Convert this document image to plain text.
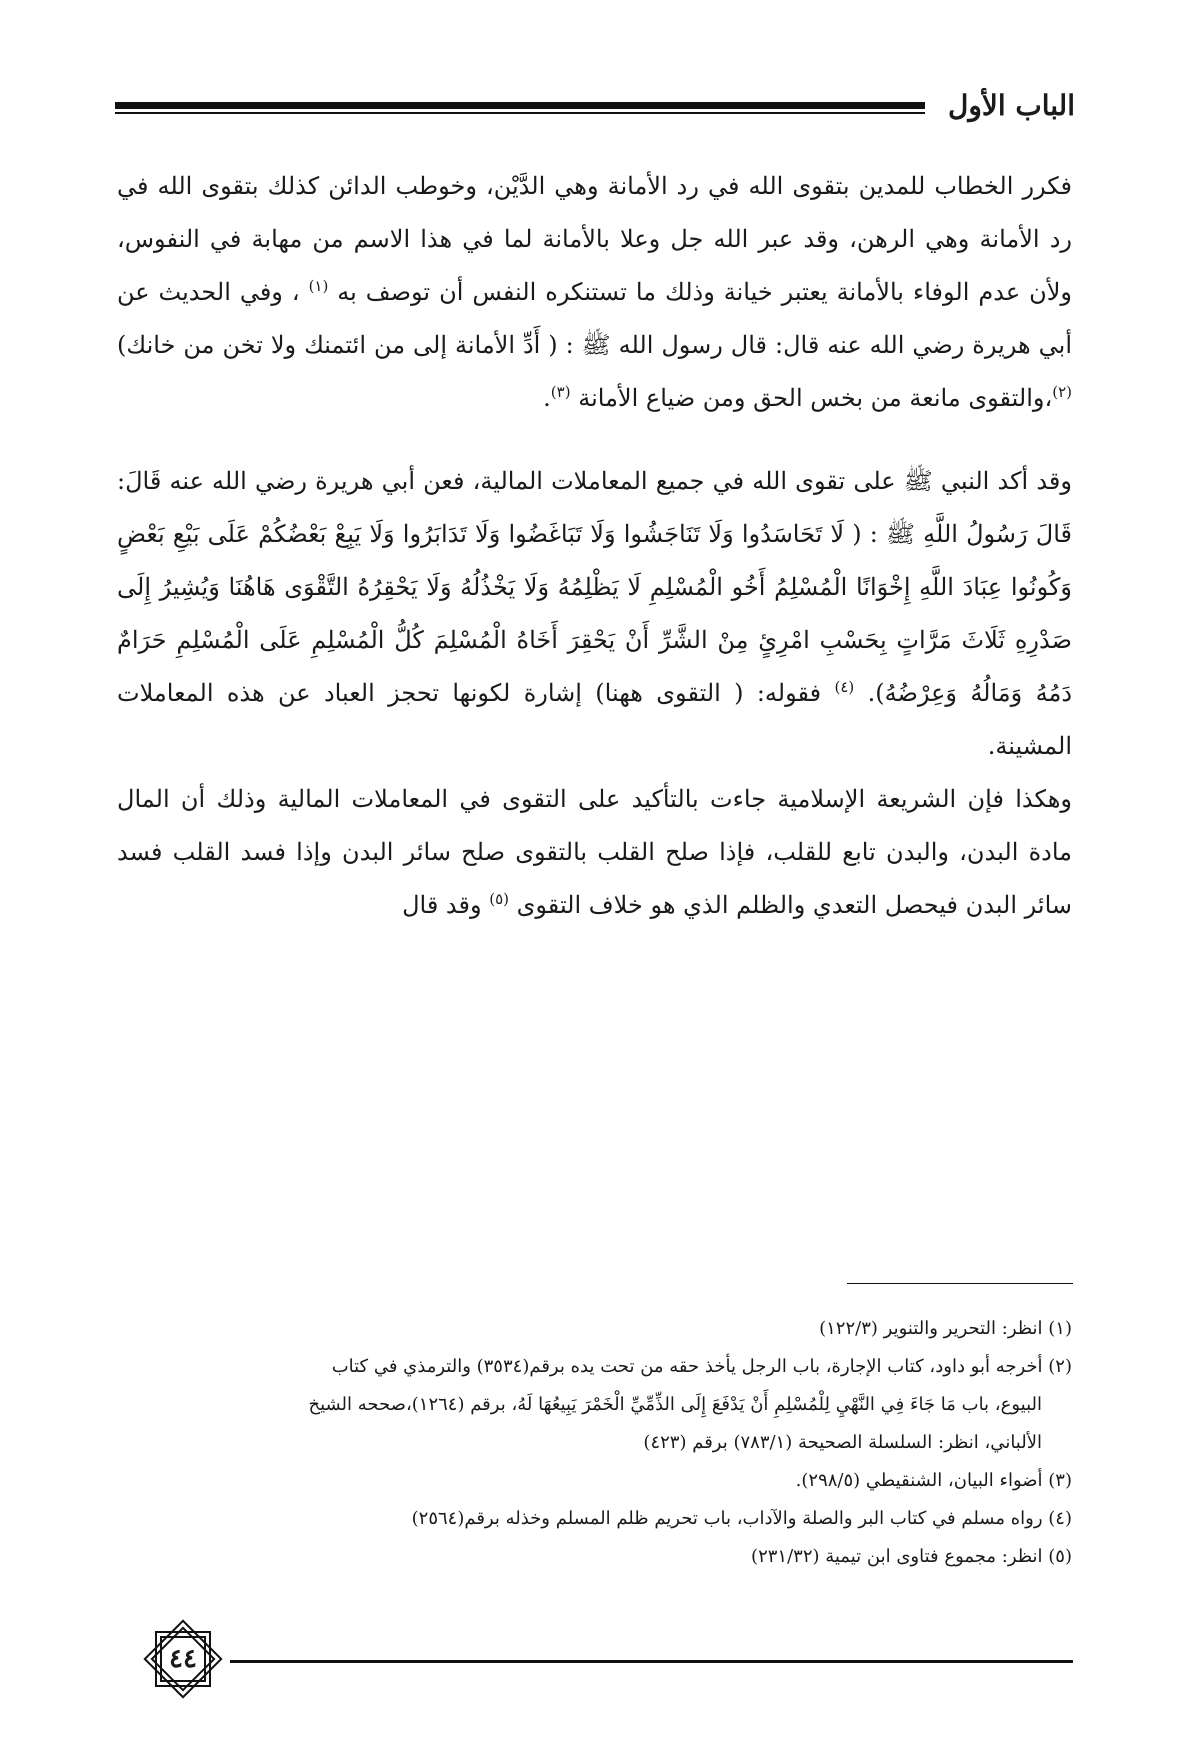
الباب الأول

فكرر الخطاب للمدين بتقوى الله في رد الأمانة وهي الدَّيْن، وخوطب الدائن كذلك بتقوى الله في رد الأمانة وهي الرهن، وقد عبر الله جل وعلا بالأمانة لما في هذا الاسم من مهابة في النفوس، ولأن عدم الوفاء بالأمانة يعتبر خيانة وذلك ما تستنكره النفس أن توصف به $^{(١)}$ ، وفي الحديث عن أبي هريرة رضي الله عنه قال: قال رسول الله ﷺ : ( أَدِّ الأمانة إلى من ائتمنك ولا تخن من خانك) $^{(٢)}$،والتقوى مانعة من بخس الحق ومن ضياع الأمانة $^{(٣)}$.

وقد أكد النبي ﷺ على تقوى الله في جميع المعاملات المالية، فعن أبي هريرة رضي الله عنه قَالَ: قَالَ رَسُولُ اللَّهِ ﷺ : ( لَا تَحَاسَدُوا وَلَا تَنَاجَشُوا وَلَا تَبَاغَضُوا وَلَا تَدَابَرُوا وَلَا يَبِعْ بَعْضُكُمْ عَلَى بَيْعِ بَعْضٍ وَكُونُوا عِبَادَ اللَّهِ إِخْوَانًا الْمُسْلِمُ أَخُو الْمُسْلِمِ لَا يَظْلِمُهُ وَلَا يَخْذُلُهُ وَلَا يَحْقِرُهُ التَّقْوَى هَاهُنَا وَيُشِيرُ إِلَى صَدْرِهِ ثَلَاثَ مَرَّاتٍ بِحَسْبِ امْرِئٍ مِنْ الشَّرِّ أَنْ يَحْقِرَ أَخَاهُ الْمُسْلِمَ كُلُّ الْمُسْلِمِ عَلَى الْمُسْلِمِ حَرَامٌ دَمُهُ وَمَالُهُ وَعِرْضُهُ). $^{(٤)}$ فقوله: ( التقوى ههنا) إشارة لكونها تحجز العباد عن هذه المعاملات المشينة.

وهكذا فإن الشريعة الإسلامية جاءت بالتأكيد على التقوى في المعاملات المالية وذلك أن المال مادة البدن، والبدن تابع للقلب، فإذا صلح القلب بالتقوى صلح سائر البدن وإذا فسد القلب فسد سائر البدن فيحصل التعدي والظلم الذي هو خلاف التقوى $^{(٥)}$ وقد قال

(١) انظر: التحرير والتنوير (١٢٢/٣)

(٢) أخرجه أبو داود، كتاب الإجارة، باب الرجل يأخذ حقه من تحت يده برقم(٣٥٣٤) والترمذي في كتاب
البيوع، باب مَا جَاءَ فِي النَّهْيِ لِلْمُسْلِمِ أَنْ يَدْفَعَ إِلَى الذِّمِّيِّ الْخَمْرَ يَبِيعُهَا لَهُ، برقم (١٢٦٤)،صححه الشيخ
الألباني، انظر: السلسلة الصحيحة (٧٨٣/١) برقم (٤٢٣)

(٣) أضواء البيان، الشنقيطي (٢٩٨/٥).

(٤) رواه مسلم في كتاب البر والصلة والآداب، باب تحريم ظلم المسلم وخذله برقم(٢٥٦٤)

(٥) انظر: مجموع فتاوى ابن تيمية (٢٣١/٣٢)

٤٤
